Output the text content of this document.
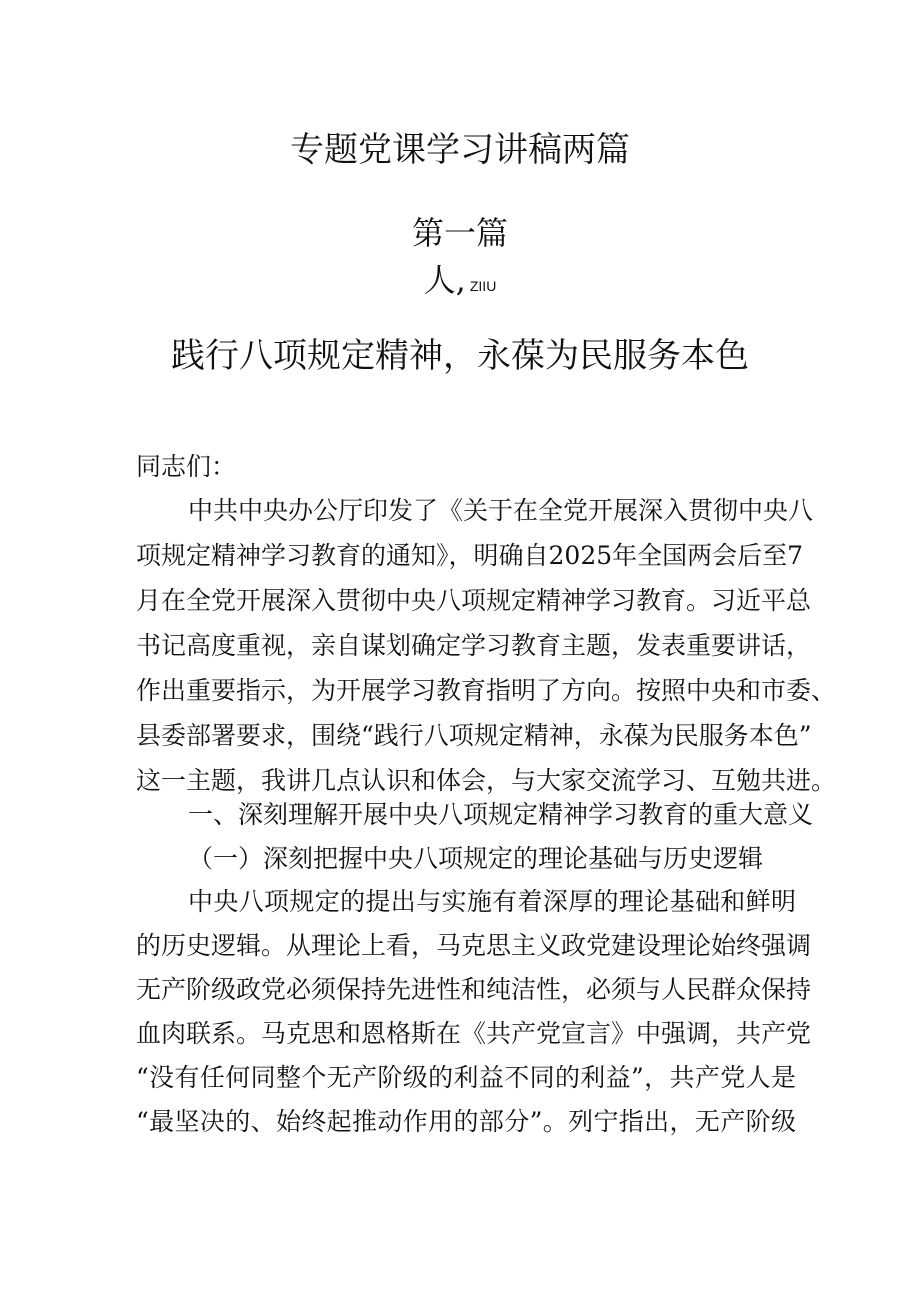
专题党课学习讲稿两篇
第一篇
人, ZIIU
践行八项规定精神，永葆为民服务本色
同志们：
中共中央办公厅印发了《关于在全党开展深入贯彻中央八
项规定精神学习教育的通知》，明确自2025年全国两会后至7
月在全党开展深入贯彻中央八项规定精神学习教育。习近平总
书记高度重视，亲自谋划确定学习教育主题，发表重要讲话，
作出重要指示，为开展学习教育指明了方向。按照中央和市委、
县委部署要求，围绕“践行八项规定精神，永葆为民服务本色”
这一主题，我讲几点认识和体会，与大家交流学习、互勉共进。
一、深刻理解开展中央八项规定精神学习教育的重大意义
（一）深刻把握中央八项规定的理论基础与历史逻辑
中央八项规定的提出与实施有着深厚的理论基础和鲜明
的历史逻辑。从理论上看，马克思主义政党建设理论始终强调
无产阶级政党必须保持先进性和纯洁性，必须与人民群众保持
血肉联系。马克思和恩格斯在《共产党宣言》中强调，共产党
“没有任何同整个无产阶级的利益不同的利益”，共产党人是
“最坚决的、始终起推动作用的部分”。列宁指出，无产阶级
